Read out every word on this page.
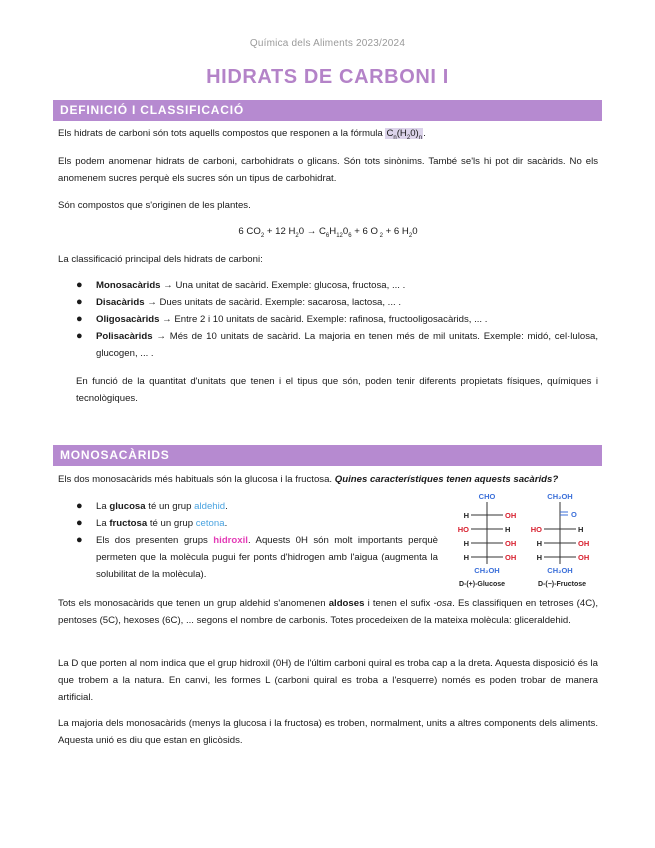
Química dels Aliments 2023/2024
HIDRATS DE CARBONI I
DEFINICIÓ I CLASSIFICACIÓ
Els hidrats de carboni són tots aquells compostos que responen a la fórmula $C_n(H_20)_n$.
Els podem anomenar hidrats de carboni, carbohidrats o glicans. Són tots sinònims. També se'ls hi pot dir sacàrids. No els anomenem sucres perquè els sucres són un tipus de carbohidrat.
Són compostos que s'originen de les plantes.
6 $CO_2 + 12$ $H_20 \to C_6H_{12}0_6 + 6$ O $_2$ + 6 $H_20$
La classificació principal dels hidrats de carboni:
● Monosacàrids → Una unitat de sacàrid. Exemple: glucosa, fructosa, ... .
● Disacàrids → Dues unitats de sacàrid. Exemple: sacarosa, lactosa, ... .
● Oligosacàrids → Entre 2 i 10 unitats de sacàrid. Exemple: rafinosa, fructooligosacàrids, ... .
● Polisacàrids → Més de 10 unitats de sacàrid. La majoria en tenen més de mil unitats. Exemple: midó, cel·lulosa, glucogen, ... .
En funció de la quantitat d'unitats que tenen i el tipus que són, poden tenir diferents propietats físiques, químiques i tecnològiques.
MONOSACÀRIDS
Els dos monosacàrids més habituals són la glucosa i la fructosa. Quines característiques tenen aquests sacàrids?
● La glucosa té un grup aldehid.
● La fructosa té un grup cetona.
● Els dos presenten grups hidroxil. Aquests 0H són molt importants perquè permeten que la molècula pugui fer ponts d'hidrogen amb l'aigua (augmenta la solubilitat de la molècula).
CHO
H	OH
HO	H
H	OH
H	OH
CH₂OH
D-(+)-Glucose
CH₂OH
O
HO	H
H	OH
H	OH
CH₂OH
D-(−)-Fructose
Tots els monosacàrids que tenen un grup aldehid s'anomenen aldoses i tenen el sufix -osa. Es classifiquen en tetroses (4C), pentoses (5C), hexoses (6C), ... segons el nombre de carbonis. Totes procedeixen de la mateixa molècula: gliceraldehid.
La D que porten al nom indica que el grup hidroxil (0H) de l'últim carboni quiral es troba cap a la dreta. Aquesta disposició és la que trobem a la natura. En canvi, les formes L (carboni quiral es troba a l'esquerre) només es poden trobar de manera artificial.
La majoria dels monosacàrids (menys la glucosa i la fructosa) es troben, normalment, units a altres components dels aliments. Aquesta unió es diu que estan en glicòsids.
